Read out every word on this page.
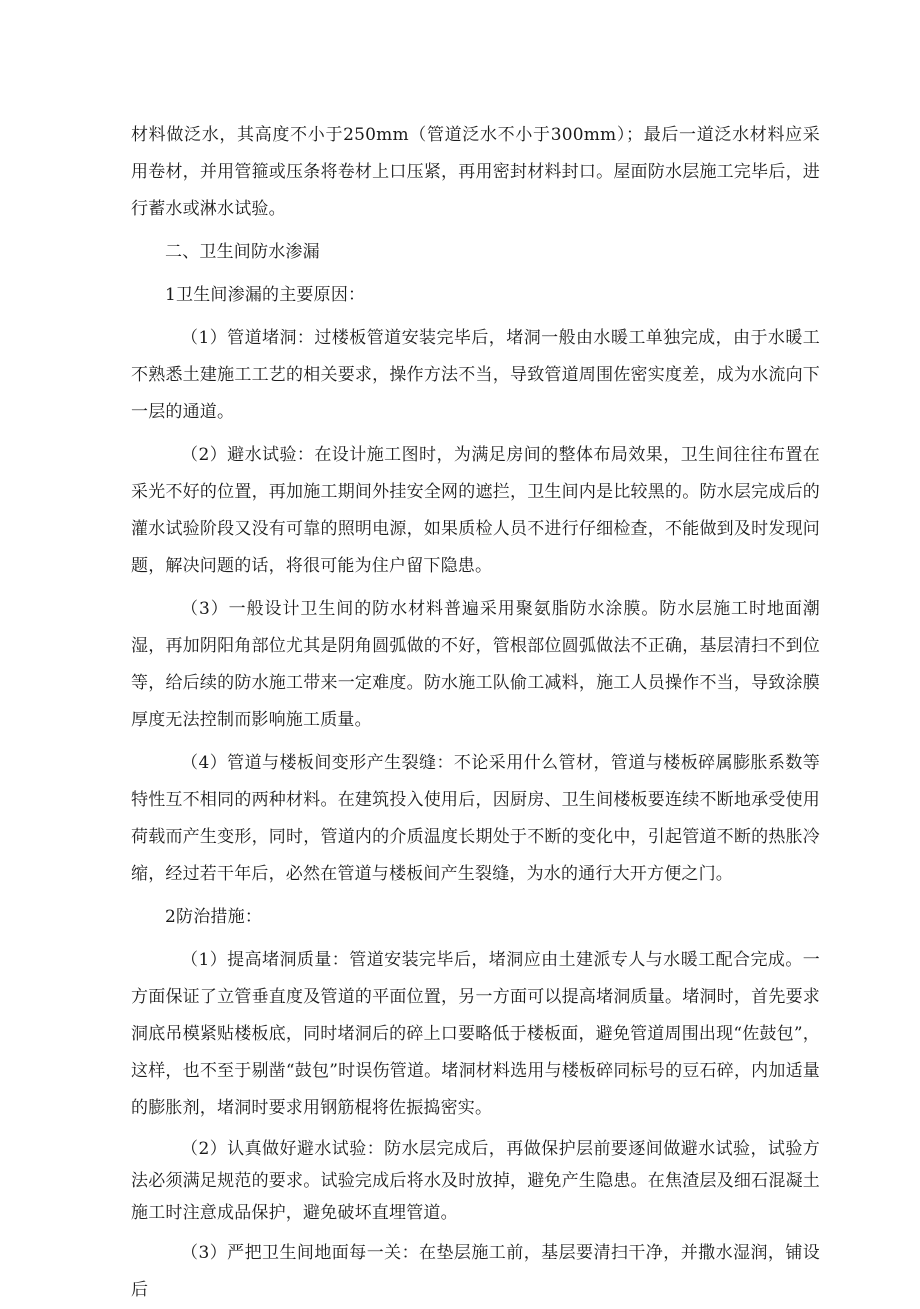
材料做泛水，其高度不小于250mm（管道泛水不小于300mm）；最后一道泛水材料应采用卷材，并用管箍或压条将卷材上口压紧，再用密封材料封口。屋面防水层施工完毕后，进行蓄水或淋水试验。

二、卫生间防水渗漏

1卫生间渗漏的主要原因：

（1）管道堵洞：过楼板管道安装完毕后，堵洞一般由水暖工单独完成，由于水暖工不熟悉土建施工工艺的相关要求，操作方法不当，导致管道周围佐密实度差，成为水流向下一层的通道。

（2）避水试验：在设计施工图时，为满足房间的整体布局效果，卫生间往往布置在采光不好的位置，再加施工期间外挂安全网的遮拦，卫生间内是比较黑的。防水层完成后的灌水试验阶段又没有可靠的照明电源，如果质检人员不进行仔细检查，不能做到及时发现问题，解决问题的话，将很可能为住户留下隐患。

（3）一般设计卫生间的防水材料普遍采用聚氨脂防水涂膜。防水层施工时地面潮湿，再加阴阳角部位尤其是阴角圆弧做的不好，管根部位圆弧做法不正确，基层清扫不到位等，给后续的防水施工带来一定难度。防水施工队偷工减料，施工人员操作不当，导致涂膜厚度无法控制而影响施工质量。

（4）管道与楼板间变形产生裂缝：不论采用什么管材，管道与楼板碎属膨胀系数等特性互不相同的两种材料。在建筑投入使用后，因厨房、卫生间楼板要连续不断地承受使用荷载而产生变形，同时，管道内的介质温度长期处于不断的变化中，引起管道不断的热胀冷缩，经过若干年后，必然在管道与楼板间产生裂缝，为水的通行大开方便之门。

2防治措施：

（1）提高堵洞质量：管道安装完毕后，堵洞应由土建派专人与水暖工配合完成。一方面保证了立管垂直度及管道的平面位置，另一方面可以提高堵洞质量。堵洞时，首先要求洞底吊模紧贴楼板底，同时堵洞后的碎上口要略低于楼板面，避免管道周围出现“佐鼓包”，这样，也不至于剔凿“鼓包”时误伤管道。堵洞材料选用与楼板碎同标号的豆石碎，内加适量的膨胀剂，堵洞时要求用钢筋棍将佐振捣密实。

（2）认真做好避水试验：防水层完成后，再做保护层前要逐间做避水试验，试验方法必须满足规范的要求。试验完成后将水及时放掉，避免产生隐患。在焦渣层及细石混凝土施工时注意成品保护，避免破坏直埋管道。

（3）严把卫生间地面每一关：在垫层施工前，基层要清扫干净，并撒水湿润，铺设后
